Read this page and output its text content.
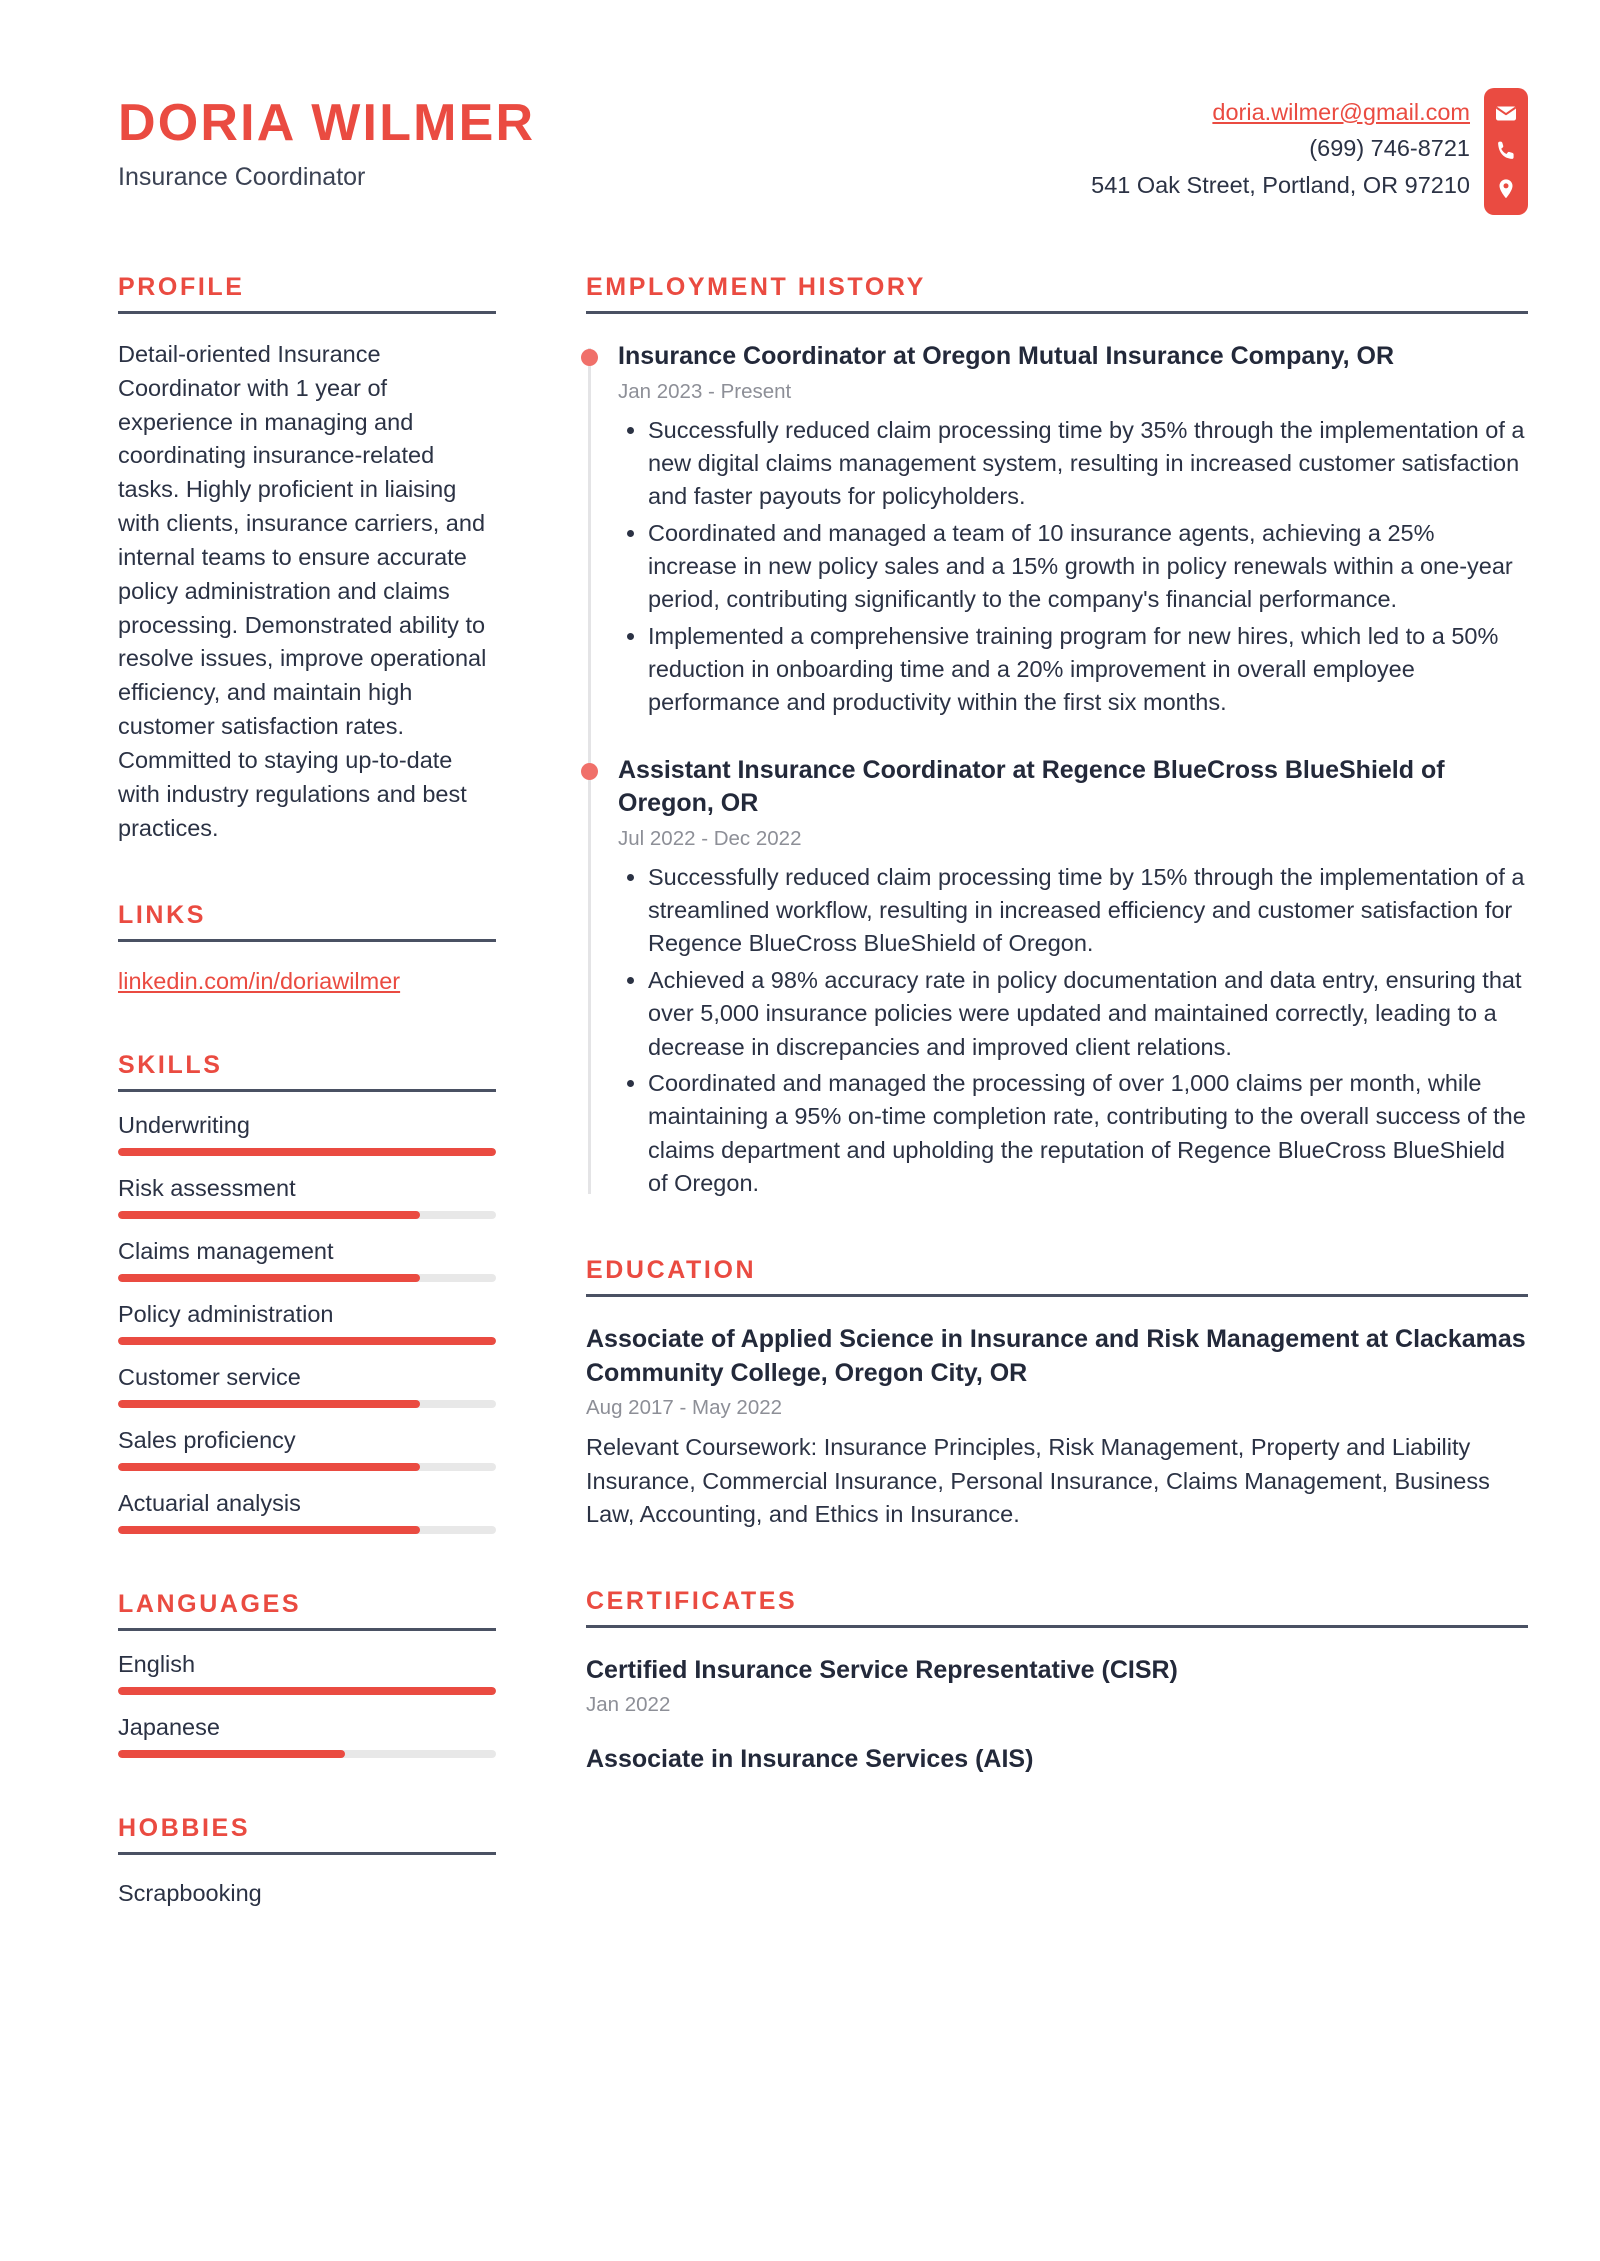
DORIA WILMER
Insurance Coordinator
doria.wilmer@gmail.com
(699) 746-8721
541 Oak Street, Portland, OR 97210
PROFILE
Detail-oriented Insurance Coordinator with 1 year of experience in managing and coordinating insurance-related tasks. Highly proficient in liaising with clients, insurance carriers, and internal teams to ensure accurate policy administration and claims processing. Demonstrated ability to resolve issues, improve operational efficiency, and maintain high customer satisfaction rates. Committed to staying up-to-date with industry regulations and best practices.
LINKS
linkedin.com/in/doriawilmer
SKILLS
Underwriting
Risk assessment
Claims management
Policy administration
Customer service
Sales proficiency
Actuarial analysis
LANGUAGES
English
Japanese
HOBBIES
Scrapbooking
EMPLOYMENT HISTORY
Insurance Coordinator at Oregon Mutual Insurance Company, OR
Jan 2023 - Present
• Successfully reduced claim processing time by 35% through the implementation of a new digital claims management system, resulting in increased customer satisfaction and faster payouts for policyholders.
• Coordinated and managed a team of 10 insurance agents, achieving a 25% increase in new policy sales and a 15% growth in policy renewals within a one-year period, contributing significantly to the company's financial performance.
• Implemented a comprehensive training program for new hires, which led to a 50% reduction in onboarding time and a 20% improvement in overall employee performance and productivity within the first six months.
Assistant Insurance Coordinator at Regence BlueCross BlueShield of Oregon, OR
Jul 2022 - Dec 2022
• Successfully reduced claim processing time by 15% through the implementation of a streamlined workflow, resulting in increased efficiency and customer satisfaction for Regence BlueCross BlueShield of Oregon.
• Achieved a 98% accuracy rate in policy documentation and data entry, ensuring that over 5,000 insurance policies were updated and maintained correctly, leading to a decrease in discrepancies and improved client relations.
• Coordinated and managed the processing of over 1,000 claims per month, while maintaining a 95% on-time completion rate, contributing to the overall success of the claims department and upholding the reputation of Regence BlueCross BlueShield of Oregon.
EDUCATION
Associate of Applied Science in Insurance and Risk Management at Clackamas Community College, Oregon City, OR
Aug 2017 - May 2022
Relevant Coursework: Insurance Principles, Risk Management, Property and Liability Insurance, Commercial Insurance, Personal Insurance, Claims Management, Business Law, Accounting, and Ethics in Insurance.
CERTIFICATES
Certified Insurance Service Representative (CISR)
Jan 2022
Associate in Insurance Services (AIS)
